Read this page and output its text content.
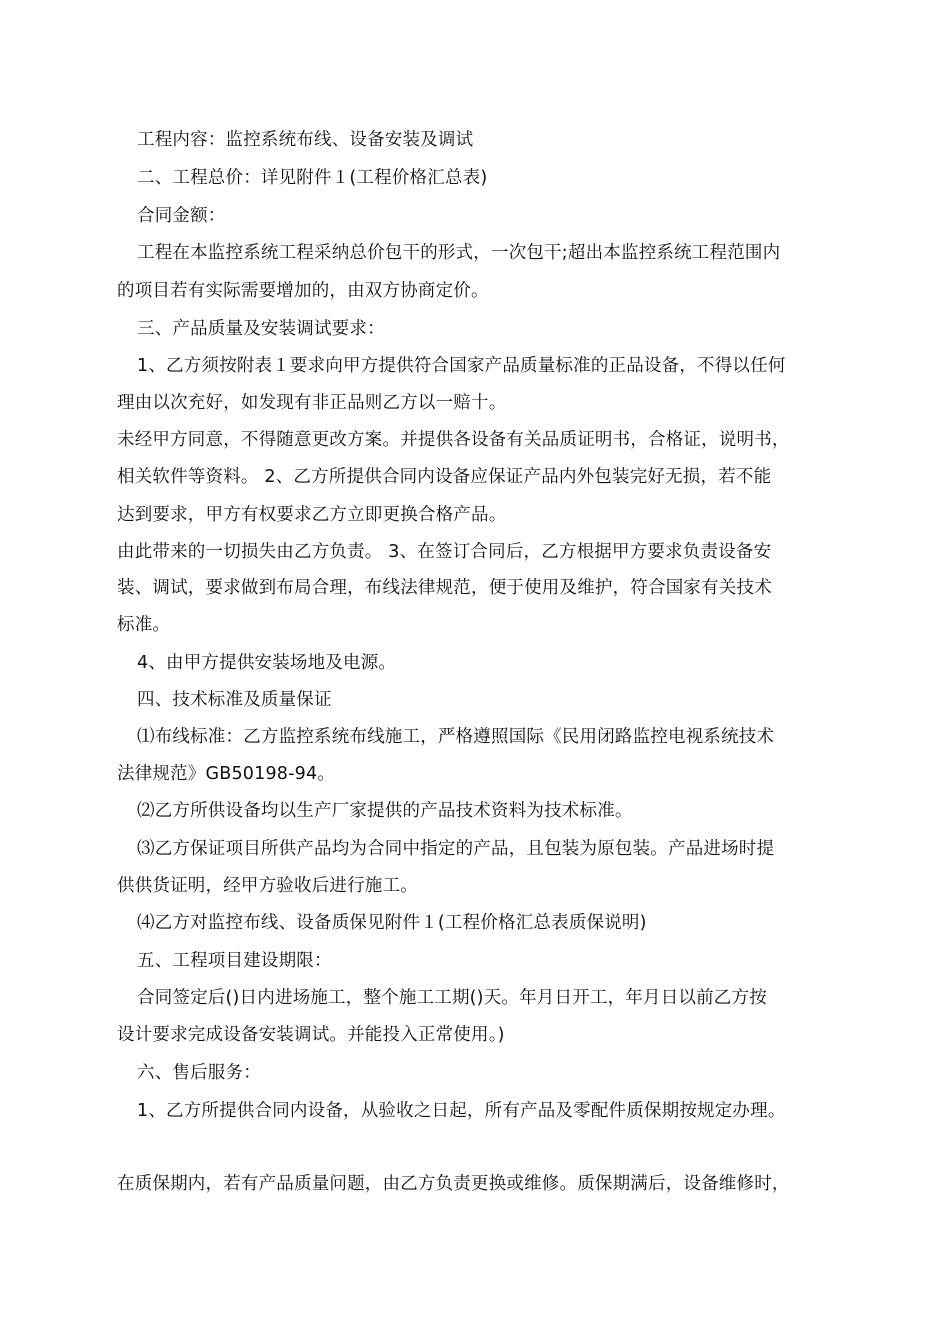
工程内容：监控系统布线、设备安装及调试
二、工程总价：详见附件１(工程价格汇总表)
合同金额：
工程在本监控系统工程采纳总价包干的形式，一次包干;超出本监控系统工程范围内
的项目若有实际需要增加的，由双方协商定价。
三、产品质量及安装调试要求：
1、乙方须按附表１要求向甲方提供符合国家产品质量标准的正品设备，不得以任何
理由以次充好，如发现有非正品则乙方以一赔十。
未经甲方同意，不得随意更改方案。并提供各设备有关品质证明书，合格证，说明书，
相关软件等资料。 2、乙方所提供合同内设备应保证产品内外包装完好无损，若不能
达到要求，甲方有权要求乙方立即更换合格产品。
由此带来的一切损失由乙方负责。 3、在签订合同后，乙方根据甲方要求负责设备安
装、调试，要求做到布局合理，布线法律规范，便于使用及维护，符合国家有关技术
标准。
4、由甲方提供安装场地及电源。
四、技术标准及质量保证
⑴布线标准：乙方监控系统布线施工，严格遵照国际《民用闭路监控电视系统技术
法律规范》GB50198-94。
⑵乙方所供设备均以生产厂家提供的产品技术资料为技术标准。
⑶乙方保证项目所供产品均为合同中指定的产品，且包装为原包装。产品进场时提
供供货证明，经甲方验收后进行施工。
⑷乙方对监控布线、设备质保见附件１(工程价格汇总表质保说明)
五、工程项目建设期限：
合同签定后()日内进场施工，整个施工工期()天。年月日开工，年月日以前乙方按
设计要求完成设备安装调试。并能投入正常使用。)
六、售后服务：
1、乙方所提供合同内设备，从验收之日起，所有产品及零配件质保期按规定办理。
在质保期内，若有产品质量问题，由乙方负责更换或维修。质保期满后，设备维修时，
